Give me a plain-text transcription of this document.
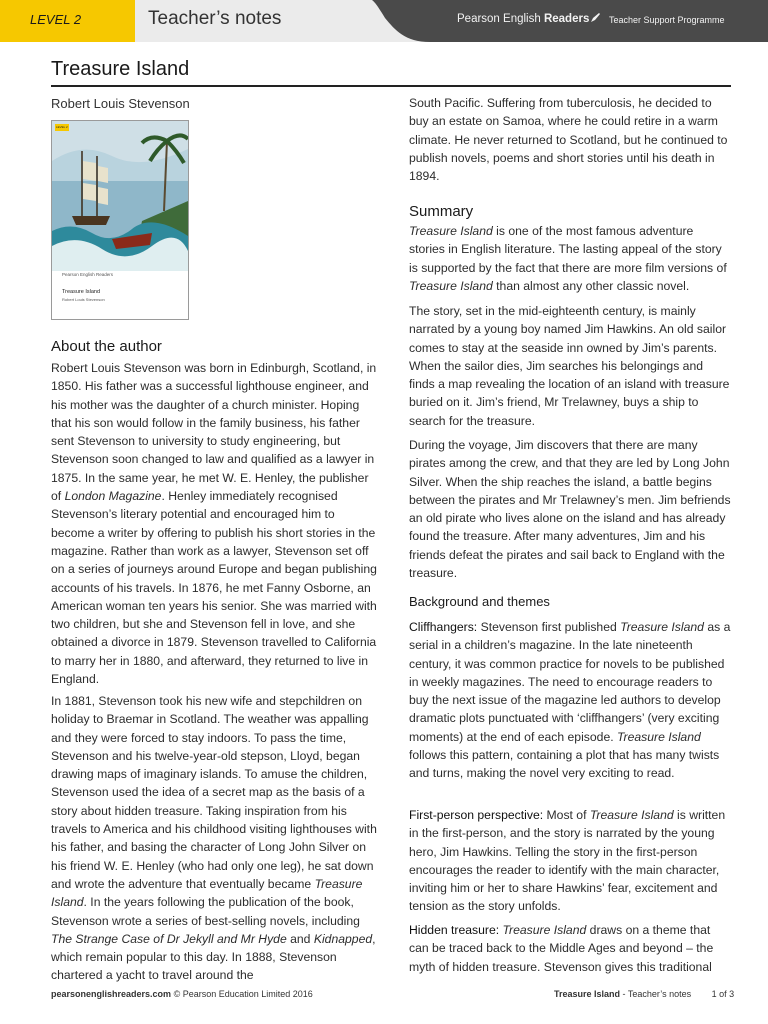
LEVEL 2	Teacher’s notes	Pearson English Readers	Teacher Support Programme
Treasure Island
Robert Louis Stevenson
LEVEL 2
Pearson English Readers
Treasure Island
Robert Louis Stevenson
About the author

Robert Louis Stevenson was born in Edinburgh, Scotland, in 1850. His father was a successful lighthouse engineer, and his mother was the daughter of a church minister. Hoping that his son would follow in the family business, his father sent Stevenson to university to study engineering, but Stevenson soon changed to law and qualified as a lawyer in 1875. In the same year, he met W. E. Henley, the publisher of London Magazine. Henley immediately recognised Stevenson’s literary potential and encouraged him to become a writer by offering to publish his short stories in the magazine. Rather than work as a lawyer, Stevenson set off on a series of journeys around Europe and began publishing accounts of his travels. In 1876, he met Fanny Osborne, an American woman ten years his senior. She was married with two children, but she and Stevenson fell in love, and she obtained a divorce in 1879. Stevenson travelled to California to marry her in 1880, and afterward, they returned to live in England.

In 1881, Stevenson took his new wife and stepchildren on holiday to Braemar in Scotland. The weather was appalling and they were forced to stay indoors. To pass the time, Stevenson and his twelve-year-old stepson, Lloyd, began drawing maps of imaginary islands. To amuse the children, Stevenson used the idea of a secret map as the basis of a story about hidden treasure. Taking inspiration from his travels to America and his childhood visiting lighthouses with his father, and basing the character of Long John Silver on his friend W. E. Henley (who had only one leg), he sat down and wrote the adventure that eventually became Treasure Island. In the years following the publication of the book, Stevenson wrote a series of best-selling novels, including The Strange Case of Dr Jekyll and Mr Hyde and Kidnapped, which remain popular to this day. In 1888, Stevenson chartered a yacht to travel around the

South Pacific. Suffering from tuberculosis, he decided to buy an estate on Samoa, where he could retire in a warm climate. He never returned to Scotland, but he continued to publish novels, poems and short stories until his death in 1894.

Summary

Treasure Island is one of the most famous adventure stories in English literature. The lasting appeal of the story is supported by the fact that there are more film versions of Treasure Island than almost any other classic novel.

The story, set in the mid-eighteenth century, is mainly narrated by a young boy named Jim Hawkins. An old sailor comes to stay at the seaside inn owned by Jim’s parents. When the sailor dies, Jim searches his belongings and finds a map revealing the location of an island with treasure buried on it. Jim’s friend, Mr Trelawney, buys a ship to search for the treasure.

During the voyage, Jim discovers that there are many pirates among the crew, and that they are led by Long John Silver. When the ship reaches the island, a battle begins between the pirates and Mr Trelawney’s men. Jim befriends an old pirate who lives alone on the island and has already found the treasure. After many adventures, Jim and his friends defeat the pirates and sail back to England with the treasure.

Background and themes

Cliffhangers: Stevenson first published Treasure Island as a serial in a children’s magazine. In the late nineteenth century, it was common practice for novels to be published in weekly magazines. The need to encourage readers to buy the next issue of the magazine led authors to develop dramatic plots punctuated with ‘cliffhangers’ (very exciting moments) at the end of each episode. Treasure Island follows this pattern, containing a plot that has many twists and turns, making the novel very exciting to read.

First-person perspective: Most of Treasure Island is written in the first-person, and the story is narrated by the young hero, Jim Hawkins. Telling the story in the first-person encourages the reader to identify with the main character, inviting him or her to share Hawkins’ fear, excitement and tension as the story unfolds.

Hidden treasure: Treasure Island draws on a theme that can be traced back to the Middle Ages and beyond – the myth of hidden treasure. Stevenson gives this traditional

pearsonenglishreaders.com © Pearson Education Limited 2016	Treasure Island - Teacher’s notes 1 of 3
